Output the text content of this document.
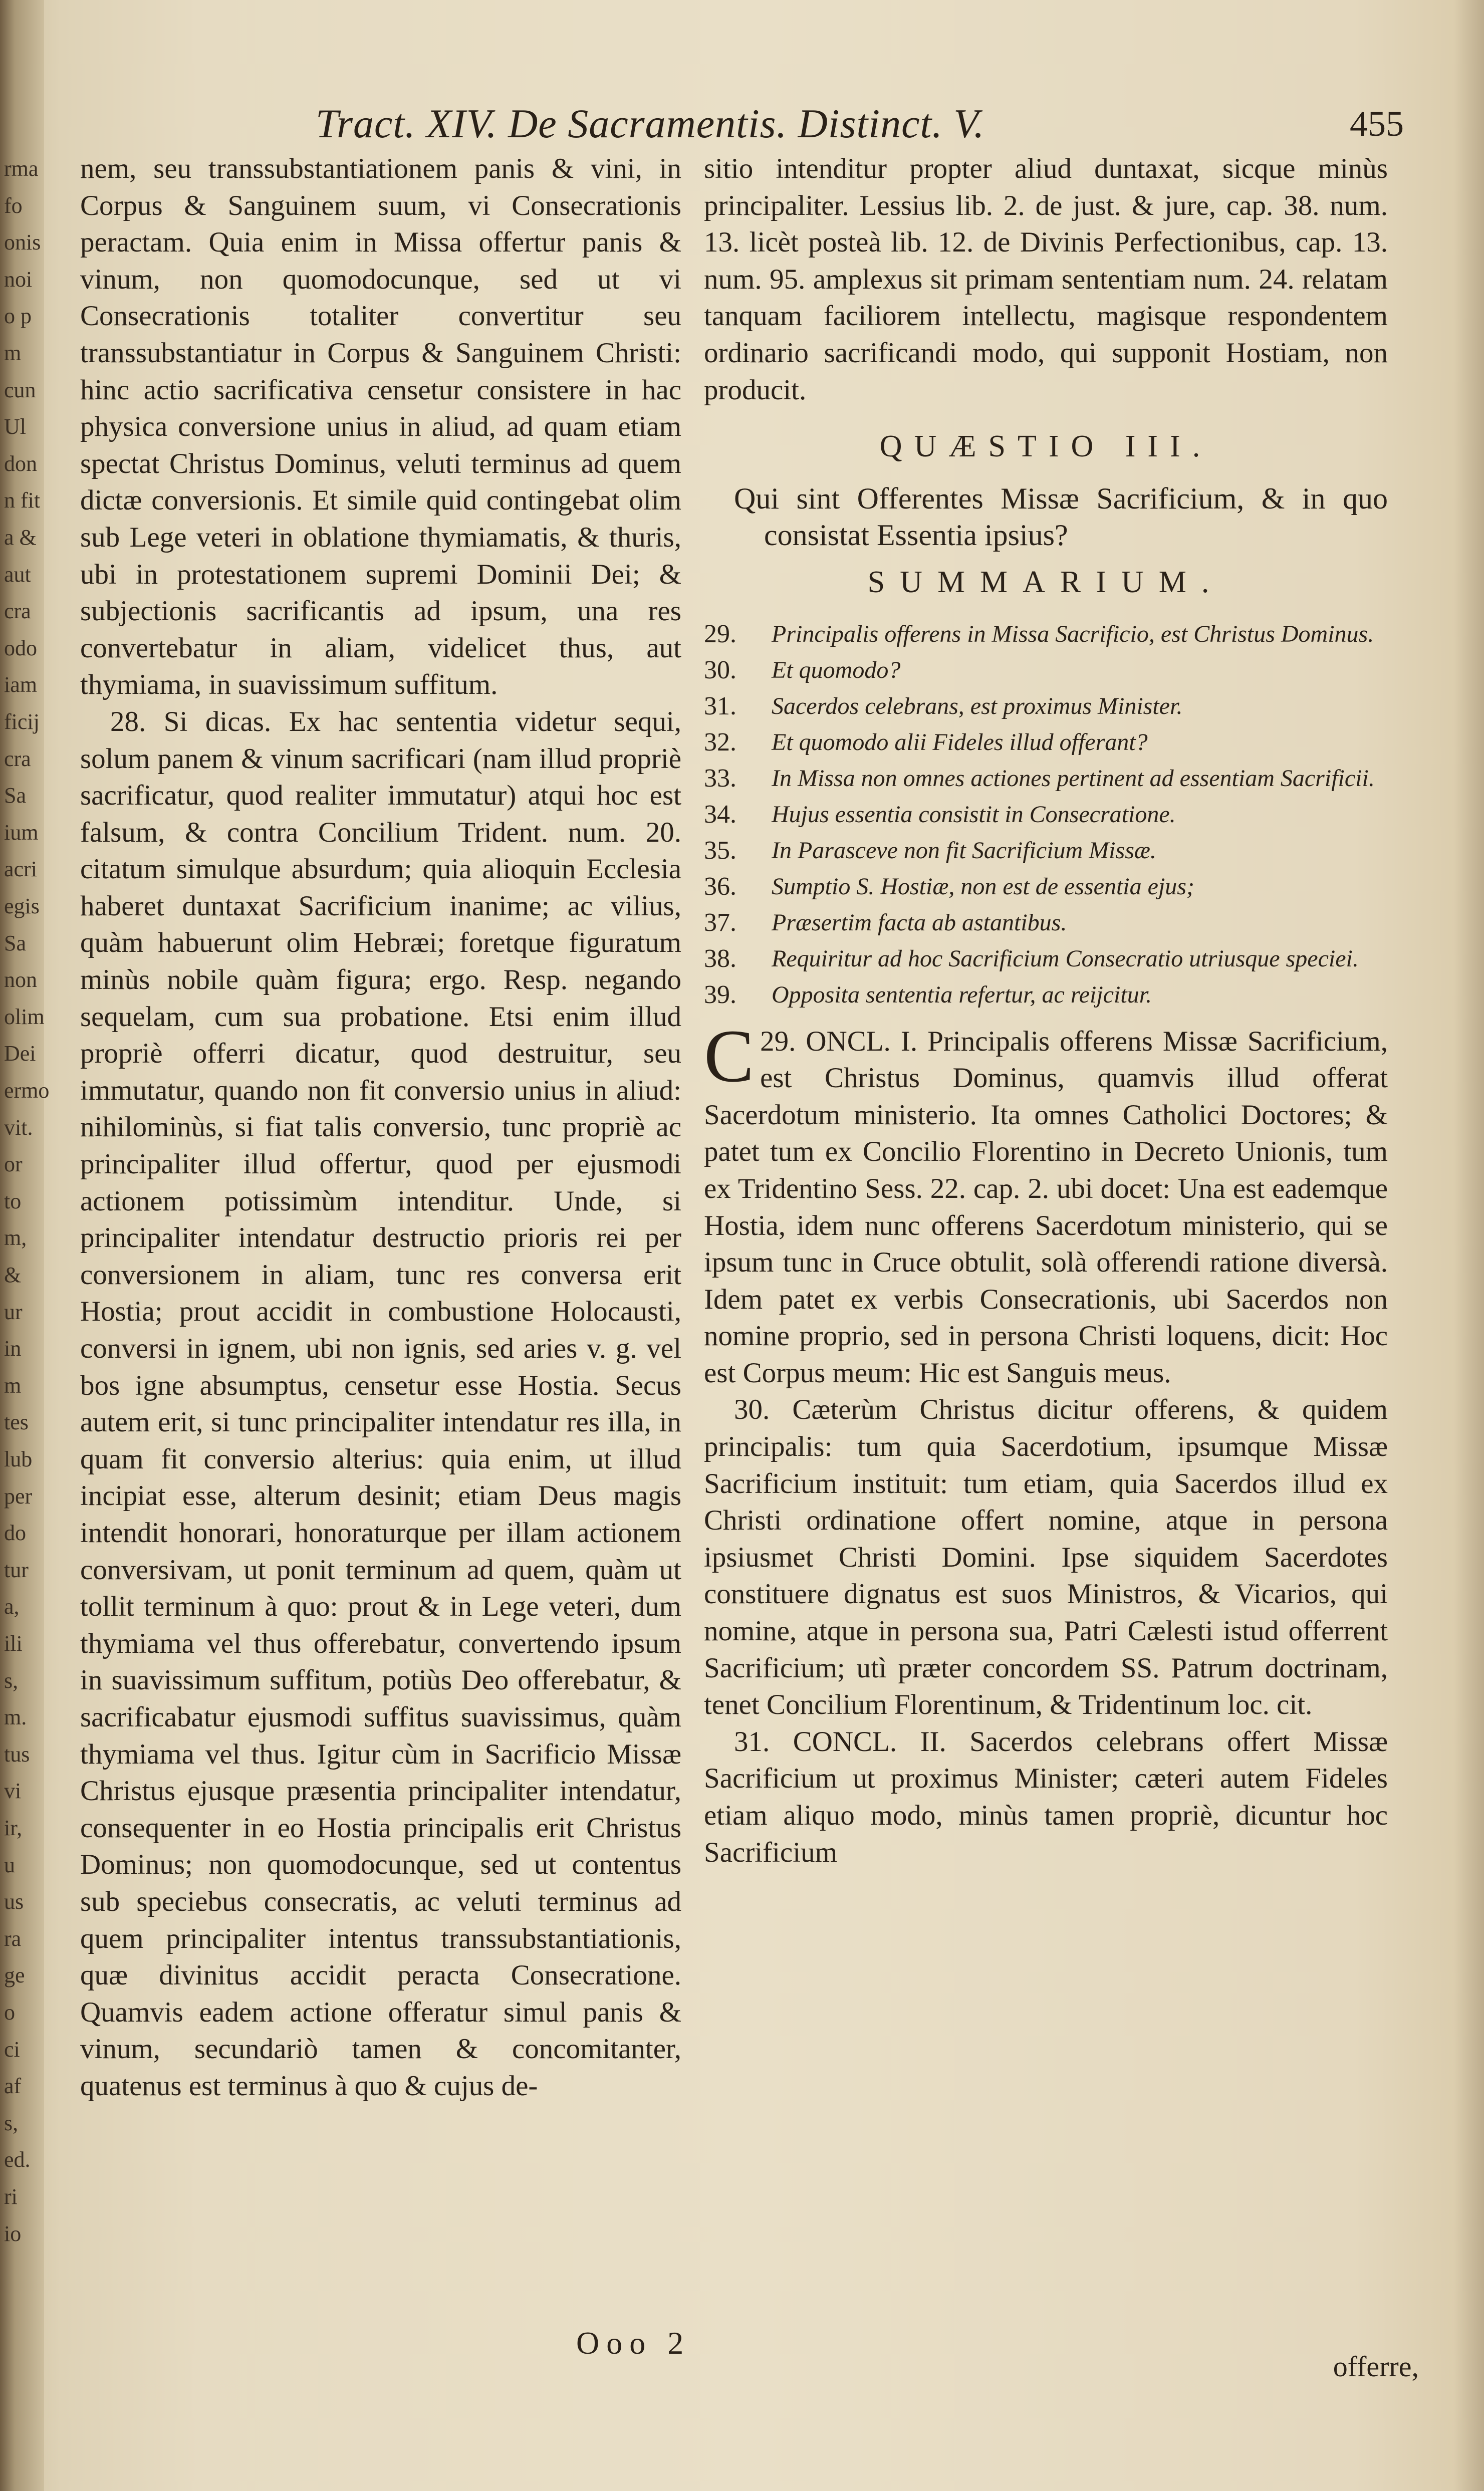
rma
fo
onis
noi
o p
m
cun
Ul
don
n fit
a &
aut
cra
odo
iam
ficij
cra
Sa
ium
acri
egis
Sa
non
olim
Dei
ermo
vit.
or
to
m,
&
ur
in
m
tes
lub
per
do
tur
a,
ili
s,
m.
tus
vi
ir,
u
us
ra
ge
o
ci
af
s,
ed.
ri
io
Tract. XIV. De Sacramentis. Distinct. V.	455

nem, seu transsubstantiationem panis & vini, in Corpus & Sanguinem suum, vi Consecrationis peractam. Quia enim in Missa offertur panis & vinum, non quomodocunque, sed ut vi Consecrationis totaliter convertitur seu transsubstantiatur in Corpus & Sanguinem Christi: hinc actio sacrificativa censetur consistere in hac physica conversione unius in aliud, ad quam etiam spectat Christus Dominus, veluti terminus ad quem dictæ conversionis. Et simile quid contingebat olim sub Lege veteri in oblatione thymiamatis, & thuris, ubi in protestationem supremi Dominii Dei; & subjectionis sacrificantis ad ipsum, una res convertebatur in aliam, videlicet thus, aut thymiama, in suavissimum suffitum.

28. Si dicas. Ex hac sententia videtur sequi, solum panem & vinum sacrificari (nam illud propriè sacrificatur, quod realiter immutatur) atqui hoc est falsum, & contra Concilium Trident. num. 20. citatum simulque absurdum; quia alioquin Ecclesia haberet duntaxat Sacrificium inanime; ac vilius, quàm habuerunt olim Hebræi; foretque figuratum minùs nobile quàm figura; ergo. Resp. negando sequelam, cum sua probatione. Etsi enim illud propriè offerri dicatur, quod destruitur, seu immutatur, quando non fit conversio unius in aliud: nihilominùs, si fiat talis conversio, tunc propriè ac principaliter illud offertur, quod per ejusmodi actionem potissimùm intenditur. Unde, si principaliter intendatur destructio prioris rei per conversionem in aliam, tunc res conversa erit Hostia; prout accidit in combustione Holocausti, conversi in ignem, ubi non ignis, sed aries v. g. vel bos igne absumptus, censetur esse Hostia. Secus autem erit, si tunc principaliter intendatur res illa, in quam fit conversio alterius: quia enim, ut illud incipiat esse, alterum desinit; etiam Deus magis intendit honorari, honoraturque per illam actionem conversivam, ut ponit terminum ad quem, quàm ut tollit terminum à quo: prout & in Lege veteri, dum thymiama vel thus offerebatur, convertendo ipsum in suavissimum suffitum, potiùs Deo offerebatur, & sacrificabatur ejusmodi suffitus suavissimus, quàm thymiama vel thus. Igitur cùm in Sacrificio Missæ Christus ejusque præsentia principaliter intendatur, consequenter in eo Hostia principalis erit Christus Dominus; non quomodocunque, sed ut contentus sub speciebus consecratis, ac veluti terminus ad quem principaliter intentus transsubstantiationis, quæ divinitus accidit peracta Consecratione. Quamvis eadem actione offeratur simul panis & vinum, secundariò tamen & concomitanter, quatenus est terminus à quo & cujus de-

sitio intenditur propter aliud duntaxat, sicque minùs principaliter. Lessius lib. 2. de just. & jure, cap. 38. num. 13. licèt posteà lib. 12. de Divinis Perfectionibus, cap. 13. num. 95. amplexus sit primam sententiam num. 24. relatam tanquam faciliorem intellectu, magisque respondentem ordinario sacrificandi modo, qui supponit Hostiam, non producit.

QUÆSTIO III.

Qui sint Offerentes Missæ Sacrificium, & in quo consistat Essentia ipsius?

SUMMARIUM.

29.	Principalis offerens in Missa Sacrificio, est Christus Dominus.
30.	Et quomodo?
31.	Sacerdos celebrans, est proximus Minister.
32.	Et quomodo alii Fideles illud offerant?
33.	In Missa non omnes actiones pertinent ad essentiam Sacrificii.
34.	Hujus essentia consistit in Consecratione.
35.	In Parasceve non fit Sacrificium Missæ.
36.	Sumptio S. Hostiæ, non est de essentia ejus;
37.	Præsertim facta ab astantibus.
38.	Requiritur ad hoc Sacrificium Consecratio utriusque speciei.
39.	Opposita sententia refertur, ac reijcitur.

29.
C ONCL. I. Principalis offerens Missæ Sacrificium, est Christus Dominus, quamvis illud offerat Sacerdotum ministerio. Ita omnes Catholici Doctores; & patet tum ex Concilio Florentino in Decreto Unionis, tum ex Tridentino Sess. 22. cap. 2. ubi docet: Una est eademque Hostia, idem nunc offerens Sacerdotum ministerio, qui se ipsum tunc in Cruce obtulit, solà offerendi ratione diversà. Idem patet ex verbis Consecrationis, ubi Sacerdos non nomine proprio, sed in persona Christi loquens, dicit: Hoc est Corpus meum: Hic est Sanguis meus.

30. Cæterùm Christus dicitur offerens, & quidem principalis: tum quia Sacerdotium, ipsumque Missæ Sacrificium instituit: tum etiam, quia Sacerdos illud ex Christi ordinatione offert nomine, atque in persona ipsiusmet Christi Domini. Ipse siquidem Sacerdotes constituere dignatus est suos Ministros, & Vicarios, qui nomine, atque in persona sua, Patri Cælesti istud offerrent Sacrificium; utì præter concordem SS. Patrum doctrinam, tenet Concilium Florentinum, & Tridentinum loc. cit.

31. CONCL. II. Sacerdos celebrans offert Missæ Sacrificium ut proximus Minister; cæteri autem Fideles etiam aliquo modo, minùs tamen propriè, dicuntur hoc Sacrificium

Ooo 2
offerre,
